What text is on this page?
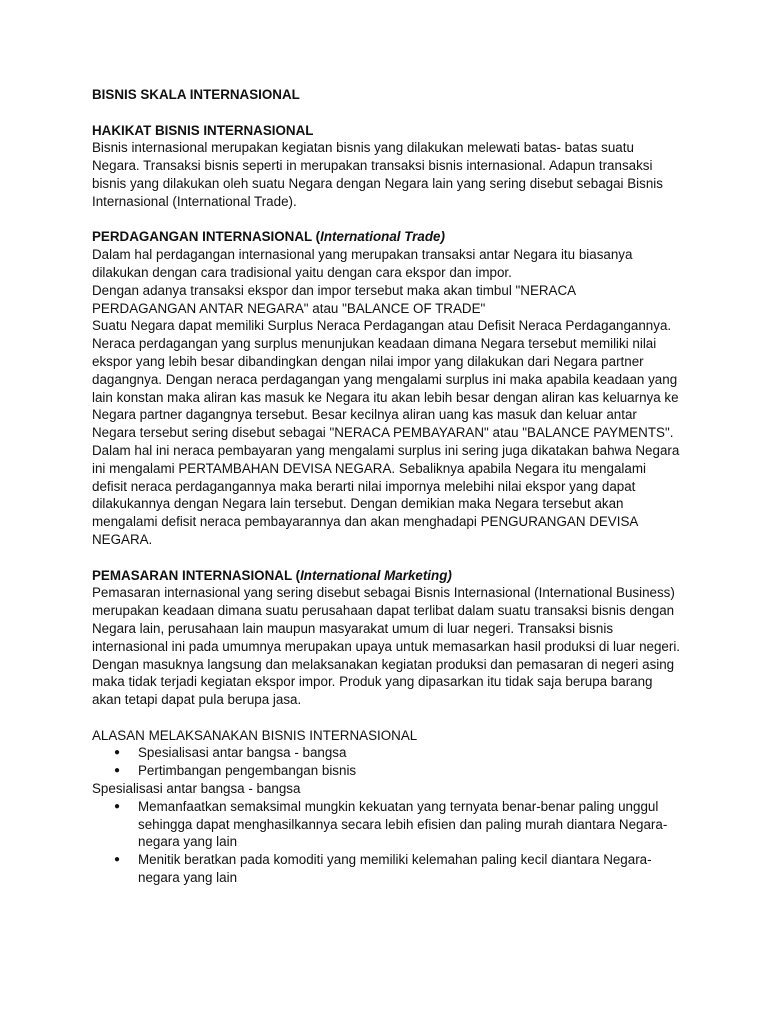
BISNIS SKALA INTERNASIONAL

HAKIKAT BISNIS INTERNASIONAL

Bisnis internasional merupakan kegiatan bisnis yang dilakukan melewati batas- batas suatu Negara. Transaksi bisnis seperti in merupakan transaksi bisnis internasional. Adapun transaksi bisnis yang dilakukan oleh suatu Negara dengan Negara lain yang sering disebut sebagai Bisnis Internasional (International Trade).

PERDAGANGAN INTERNASIONAL (International Trade)

Dalam hal perdagangan internasional yang merupakan transaksi antar Negara itu biasanya dilakukan dengan cara tradisional yaitu dengan cara ekspor dan impor.

Dengan adanya transaksi ekspor dan impor tersebut maka akan timbul "NERACA PERDAGANGAN ANTAR NEGARA" atau "BALANCE OF TRADE"

Suatu Negara dapat memiliki Surplus Neraca Perdagangan atau Defisit Neraca Perdagangannya. Neraca perdagangan yang surplus menunjukan keadaan dimana Negara tersebut memiliki nilai ekspor yang lebih besar dibandingkan dengan nilai impor yang dilakukan dari Negara partner dagangnya. Dengan neraca perdagangan yang mengalami surplus ini maka apabila keadaan yang lain konstan maka aliran kas masuk ke Negara itu akan lebih besar dengan aliran kas keluarnya ke Negara partner dagangnya tersebut. Besar kecilnya aliran uang kas masuk dan keluar antar Negara tersebut sering disebut sebagai "NERACA PEMBAYARAN" atau "BALANCE PAYMENTS". Dalam hal ini neraca pembayaran yang mengalami surplus ini sering juga dikatakan bahwa Negara ini mengalami PERTAMBAHAN DEVISA NEGARA. Sebaliknya apabila Negara itu mengalami defisit neraca perdagangannya maka berarti nilai impornya melebihi nilai ekspor yang dapat dilakukannya dengan Negara lain tersebut. Dengan demikian maka Negara tersebut akan mengalami defisit neraca pembayarannya dan akan menghadapi PENGURANGAN DEVISA NEGARA.

PEMASARAN INTERNASIONAL (International Marketing)

Pemasaran internasional yang sering disebut sebagai Bisnis Internasional (International Business) merupakan keadaan dimana suatu perusahaan dapat terlibat dalam suatu transaksi bisnis dengan Negara lain, perusahaan lain maupun masyarakat umum di luar negeri. Transaksi bisnis internasional ini pada umumnya merupakan upaya untuk memasarkan hasil produksi di luar negeri. Dengan masuknya langsung dan melaksanakan kegiatan produksi dan pemasaran di negeri asing maka tidak terjadi kegiatan ekspor impor. Produk yang dipasarkan itu tidak saja berupa barang akan tetapi dapat pula berupa jasa.

ALASAN MELAKSANAKAN BISNIS INTERNASIONAL

● Spesialisasi antar bangsa - bangsa
● Pertimbangan pengembangan bisnis

Spesialisasi antar bangsa - bangsa

● Memanfaatkan semaksimal mungkin kekuatan yang ternyata benar-benar paling unggul sehingga dapat menghasilkannya secara lebih efisien dan paling murah diantara Negara-negara yang lain
● Menitik beratkan pada komoditi yang memiliki kelemahan paling kecil diantara Negara-negara yang lain
